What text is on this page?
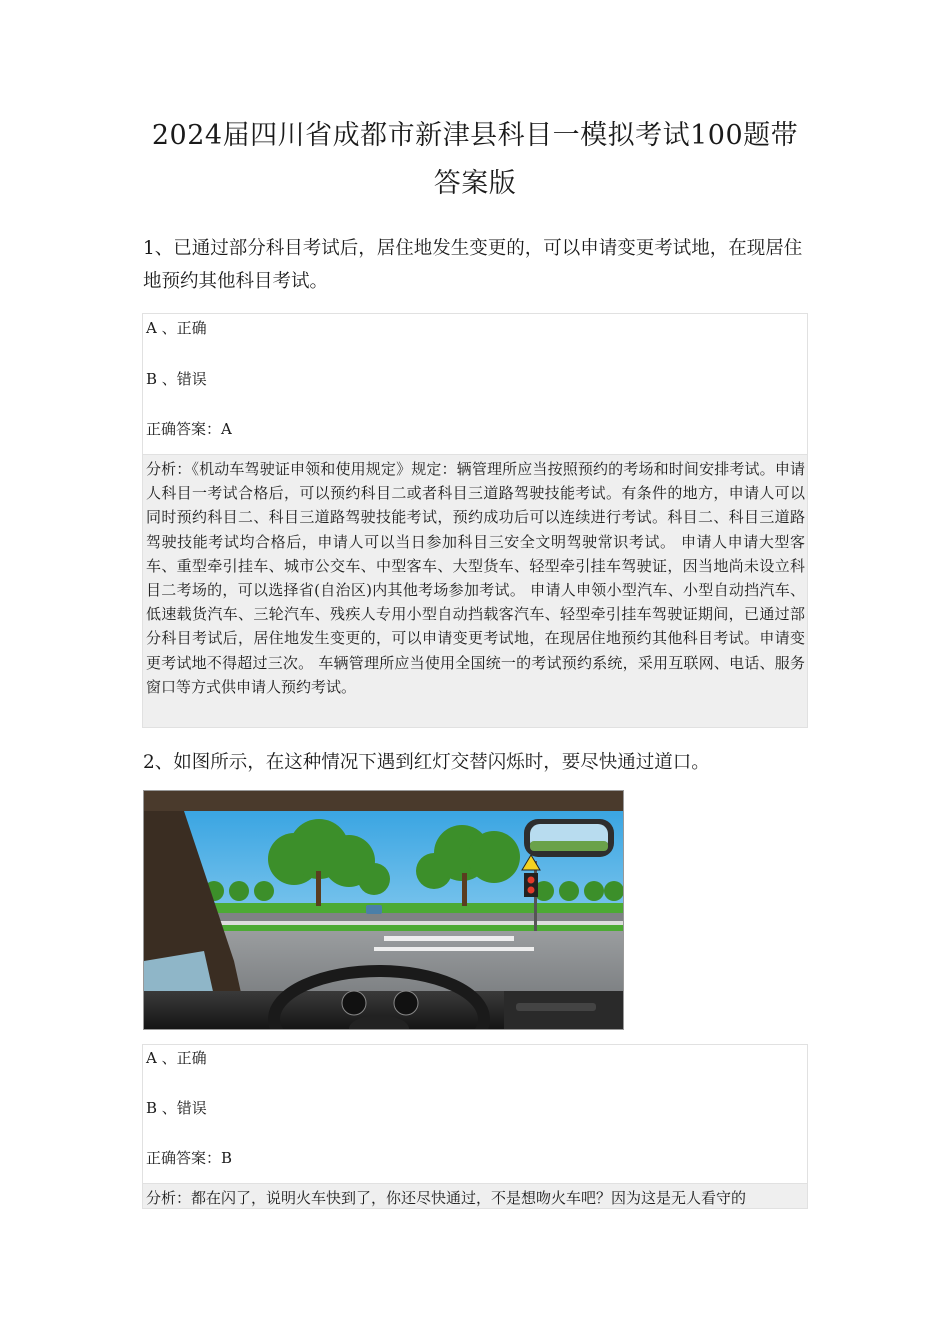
2024届四川省成都市新津县科目一模拟考试100题带
答案版
1、已通过部分科目考试后，居住地发生变更的，可以申请变更考试地，在现居住地预约其他科目考试。
A 、正确
B 、错误
正确答案：A
分析：《机动车驾驶证申领和使用规定》规定：辆管理所应当按照预约的考场和时间安排考试。申请人科目一考试合格后，可以预约科目二或者科目三道路驾驶技能考试。有条件的地方，申请人可以同时预约科目二、科目三道路驾驶技能考试，预约成功后可以连续进行考试。科目二、科目三道路驾驶技能考试均合格后，申请人可以当日参加科目三安全文明驾驶常识考试。 申请人申请大型客车、重型牵引挂车、城市公交车、中型客车、大型货车、轻型牵引挂车驾驶证，因当地尚未设立科目二考场的，可以选择省(自治区)内其他考场参加考试。 申请人申领小型汽车、小型自动挡汽车、低速载货汽车、三轮汽车、残疾人专用小型自动挡载客汽车、轻型牵引挂车驾驶证期间，已通过部分科目考试后，居住地发生变更的，可以申请变更考试地，在现居住地预约其他科目考试。申请变更考试地不得超过三次。 车辆管理所应当使用全国统一的考试预约系统，采用互联网、电话、服务窗口等方式供申请人预约考试。
2、如图所示，在这种情况下遇到红灯交替闪烁时，要尽快通过道口。
A 、正确
B 、错误
正确答案：B
分析：都在闪了，说明火车快到了，你还尽快通过，不是想吻火车吧？因为这是无人看守的
